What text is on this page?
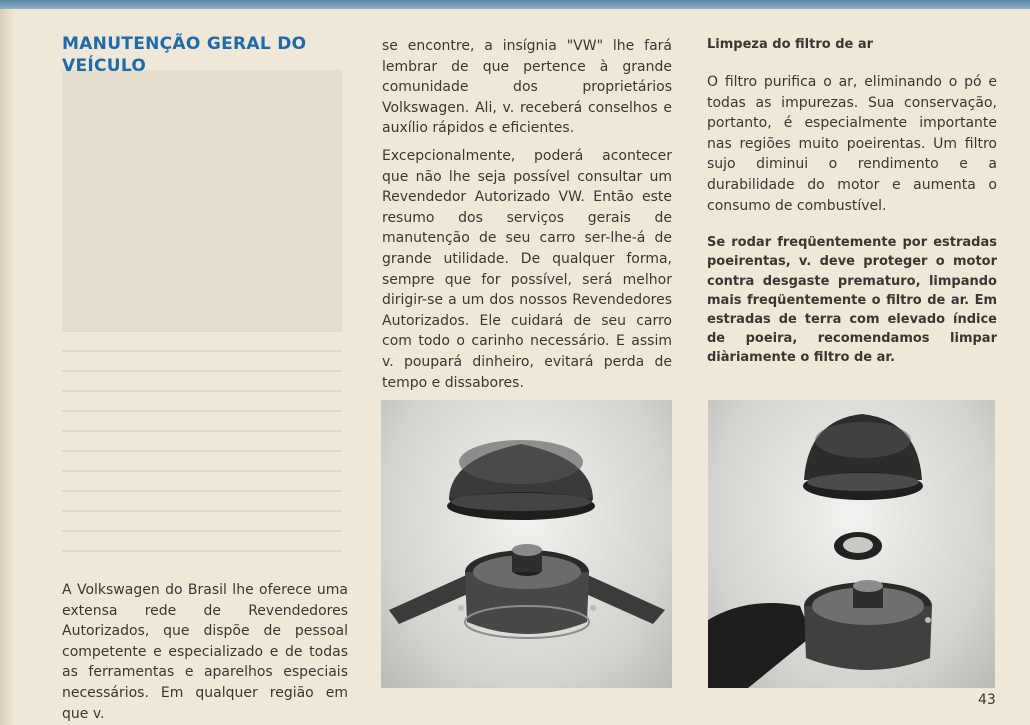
MANUTENÇÃO GERAL DO VEÍCULO

A Volkswagen do Brasil lhe oferece uma extensa rede de Revendedores Autorizados, que dispõe de pessoal competente e especializado e de todas as ferramentas e aparelhos especiais necessários. Em qualquer região em que v.

se encontre, a insígnia "VW" lhe fará lembrar de que pertence à grande comunidade dos proprietários Volkswagen. Ali, v. receberá conselhos e auxílio rápidos e eficientes.

Excepcionalmente, poderá acontecer que não lhe seja possível consultar um Revendedor Autorizado VW. Então este resumo dos serviços gerais de manutenção de seu carro ser-lhe-á de grande utilidade. De qualquer forma, sempre que for possível, será melhor dirigir-se a um dos nossos Revendedores Autorizados. Ele cuidará de seu carro com todo o carinho necessário. E assim v. poupará dinheiro, evitará perda de tempo e dissabores.

Limpeza do filtro de ar

O filtro purifica o ar, eliminando o pó e todas as impurezas. Sua conservação, portanto, é especialmente importante nas regiões muito poeirentas. Um filtro sujo diminui o rendimento e a durabilidade do motor e aumenta o consumo de combustível.

Se rodar freqüentemente por estradas poeirentas, v. deve proteger o motor contra desgaste prematuro, limpando mais freqüentemente o filtro de ar. Em estradas de terra com elevado índice de poeira, recomendamos limpar diàriamente o filtro de ar.

43
